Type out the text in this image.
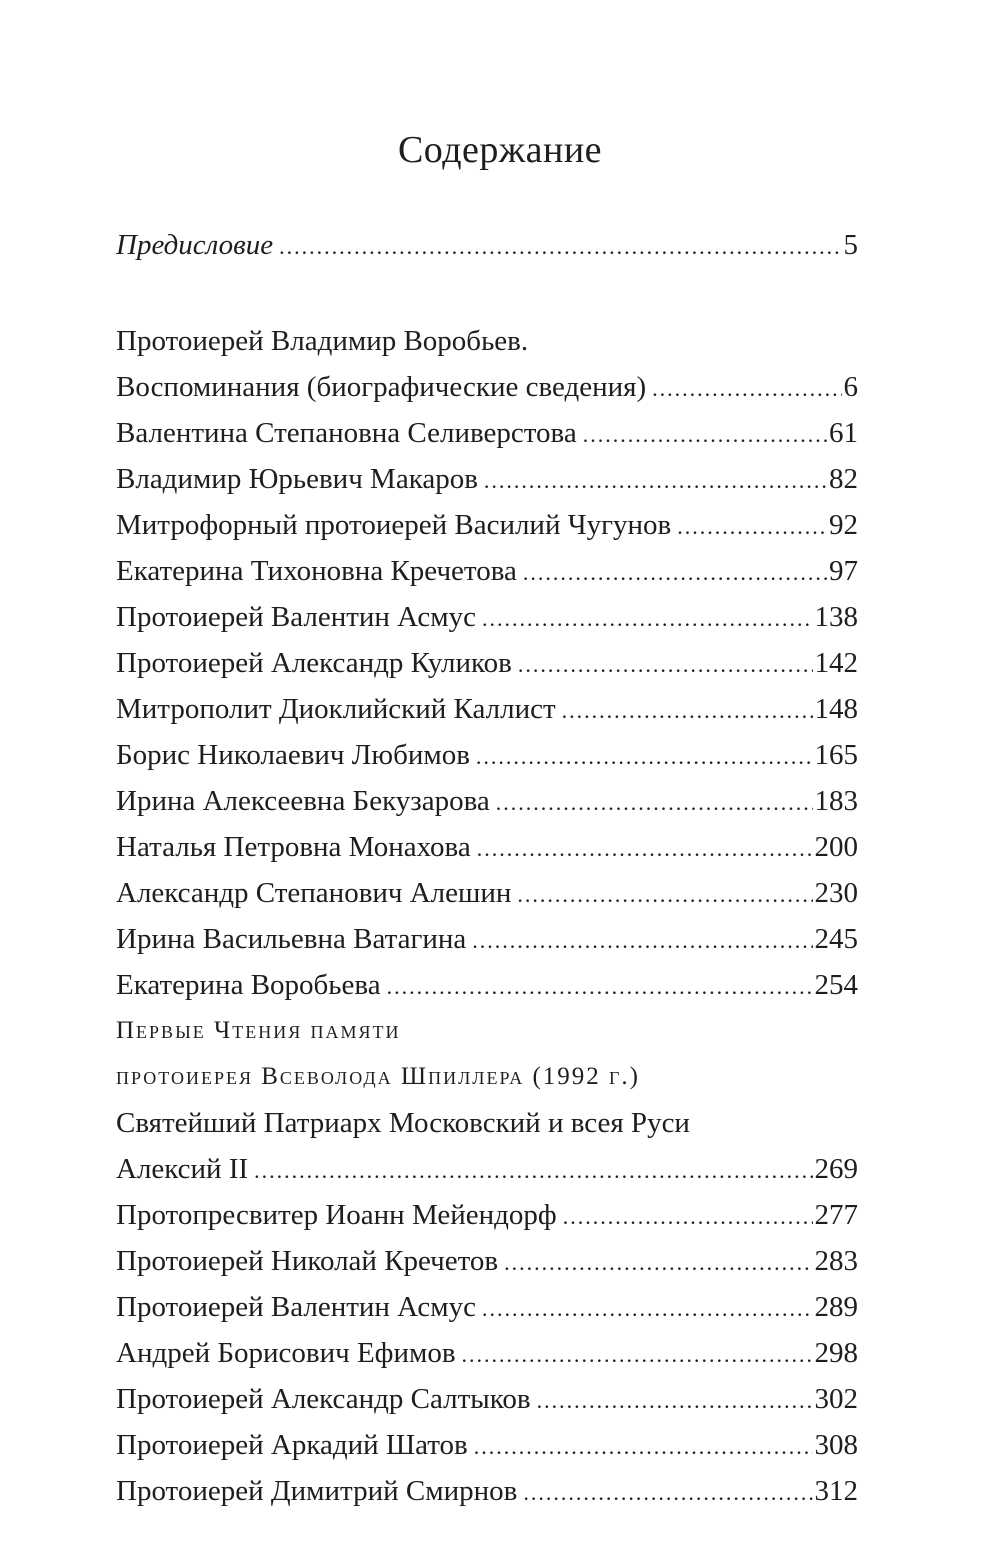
Содержание
Предисловие .....	5
Протоиерей Владимир Воробьев.
Воспоминания (биографические сведения) .....	6
Валентина Степановна Селиверстова .....	61
Владимир Юрьевич Макаров .....	82
Митрофорный протоиерей Василий Чугунов .....	92
Екатерина Тихоновна Кречетова .....	97
Протоиерей Валентин Асмус .....	138
Протоиерей Александр Куликов .....	142
Митрополит Диоклийский Каллист .....	148
Борис Николаевич Любимов .....	165
Ирина Алексеевна Бекузарова .....	183
Наталья Петровна Монахова .....	200
Александр Степанович Алешин .....	230
Ирина Васильевна Ватагина .....	245
Екатерина Воробьева .....	254
Первые Чтения памяти
протоиерея Всеволода Шпиллера (1992 г.)
Святейший Патриарх Московский и всея Руси
Алексий II .....	269
Протопресвитер Иоанн Мейендорф .....	277
Протоиерей Николай Кречетов .....	283
Протоиерей Валентин Асмус .....	289
Андрей Борисович Ефимов .....	298
Протоиерей Александр Салтыков .....	302
Протоиерей Аркадий Шатов .....	308
Протоиерей Димитрий Смирнов .....	312
